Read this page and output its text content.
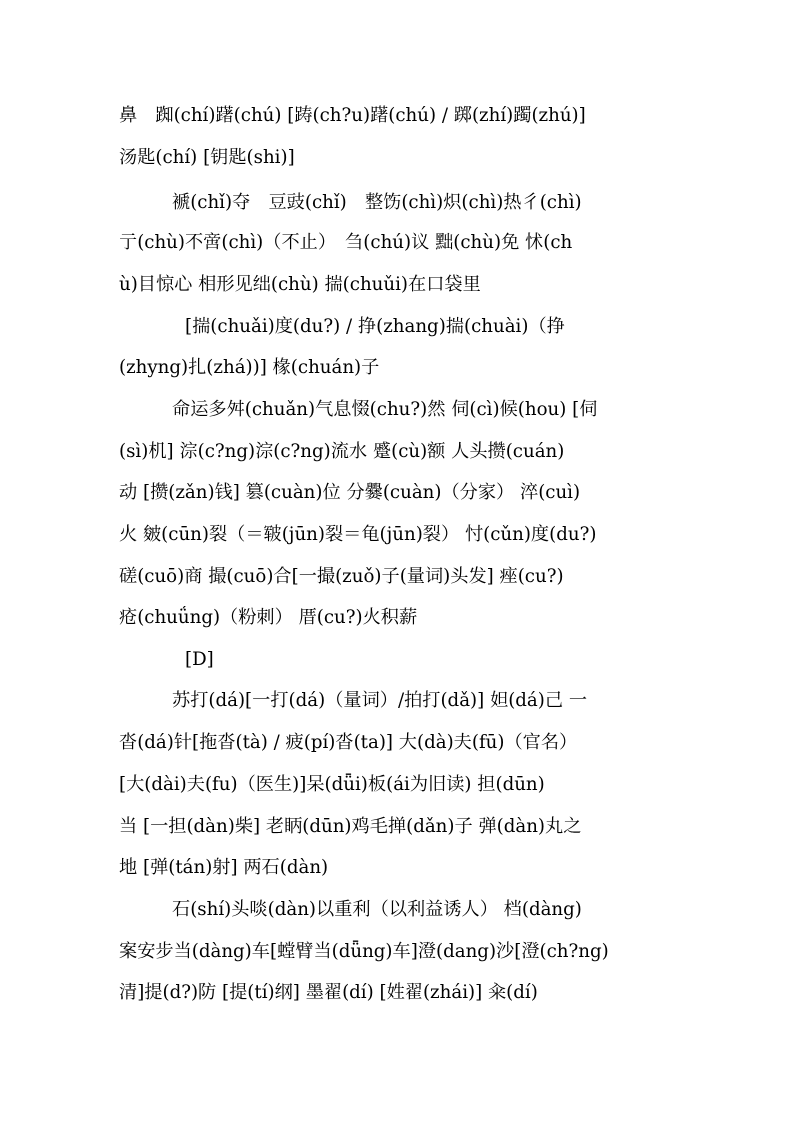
鼻　踟(chí)躇(chú) [踌(ch?u)躇(chú) / 踯(zhí)躅(zhú)]
汤匙(chí) [钥匙(shi)]
褫(chǐ)夺　豆豉(chǐ)　整饬(chì)炽(chì)热彳(chì)
亍(chù)不啻(chì)（不止）　刍(chú)议 黜(chù)免 怵(ch
ù)目惊心 相形见绌(chù) 揣(chuǔi)在口袋里
[揣(chuǎi)度(du?) / 挣(zhang)揣(chuài)（挣
(zhyng)扎(zhá))] 椽(chuán)子
命运多舛(chuǎn)气息惙(chu?)然 伺(cì)候(hou) [伺
(sì)机] 淙(c?ng)淙(c?ng)流水 蹙(cù)额 人头攒(cuán)
动 [攒(zǎn)钱] 篡(cuàn)位 分爨(cuàn)（分家） 淬(cuì)
火 皴(cūn)裂（＝皲(jūn)裂＝龟(jūn)裂） 忖(cǔn)度(du?)
磋(cuō)商 撮(cuō)合[一撮(zuǒ)子(量词)头发] 痤(cu?)
疮(chuǘng)（粉刺） 厝(cu?)火积薪
[D]
苏打(dá)[一打(dá)（量词）/拍打(dǎ)] 妲(dá)己 一
沓(dá)针[拖沓(tà) / 疲(pí)沓(ta)] 大(dà)夫(fū)（官名）
[大(dài)夫(fu)（医生)]呆(dǖi)板(ái为旧读) 担(dūn)
当 [一担(dàn)柴] 老眪(dūn)鸡毛掸(dǎn)子 弹(dàn)丸之
地 [弹(tán)射] 两石(dàn)
石(shí)头啖(dàn)以重利（以利益诱人） 档(dàng)
案安步当(dàng)车[螳臂当(dǖng)车]澄(dang)沙[澄(ch?ng)
清]提(d?)防 [提(tí)纲] 墨翟(dí) [姓翟(zhái)] 籴(dí)
